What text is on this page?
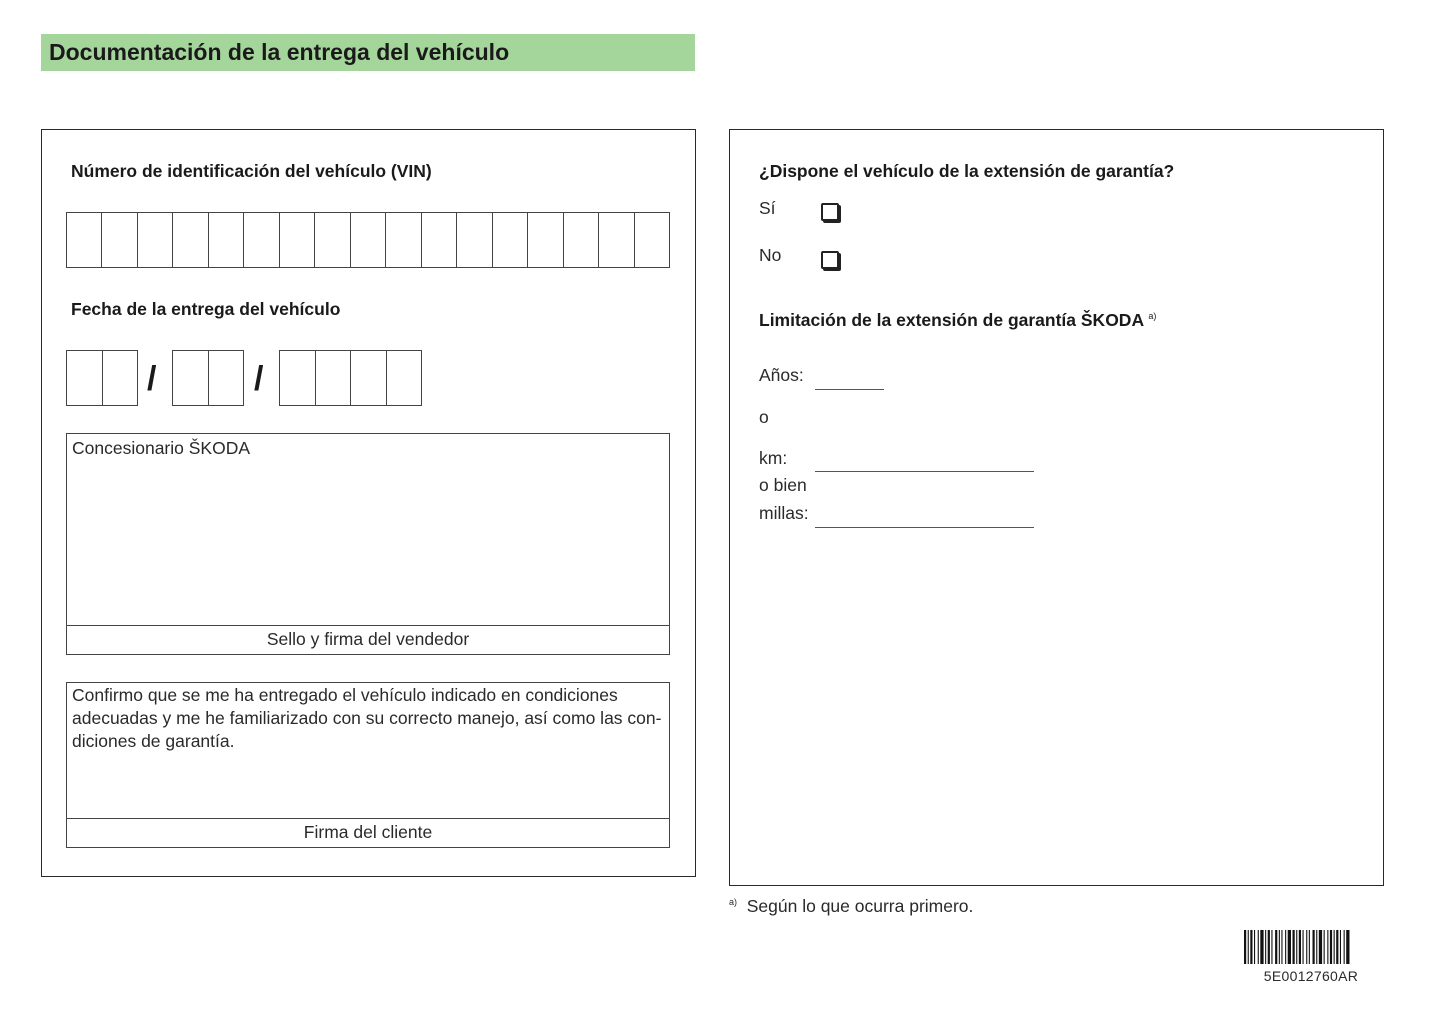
Documentación de la entrega del vehículo
Número de identificación del vehículo (VIN)
Fecha de la entrega del vehículo
/	/
Concesionario ŠKODA
Sello y firma del vendedor
Confirmo que se me ha entregado el vehículo indicado en condiciones adecuadas y me he familiarizado con su correcto manejo, así como las con-diciones de garantía.
Firma del cliente
¿Dispone el vehículo de la extensión de garantía?
Sí
No
Limitación de la extensión de garantía ŠKODA $^{a)}$
Años:
o
km:
o bien
millas:
$^{a)}$ Según lo que ocurra primero.
5E0012760AR
